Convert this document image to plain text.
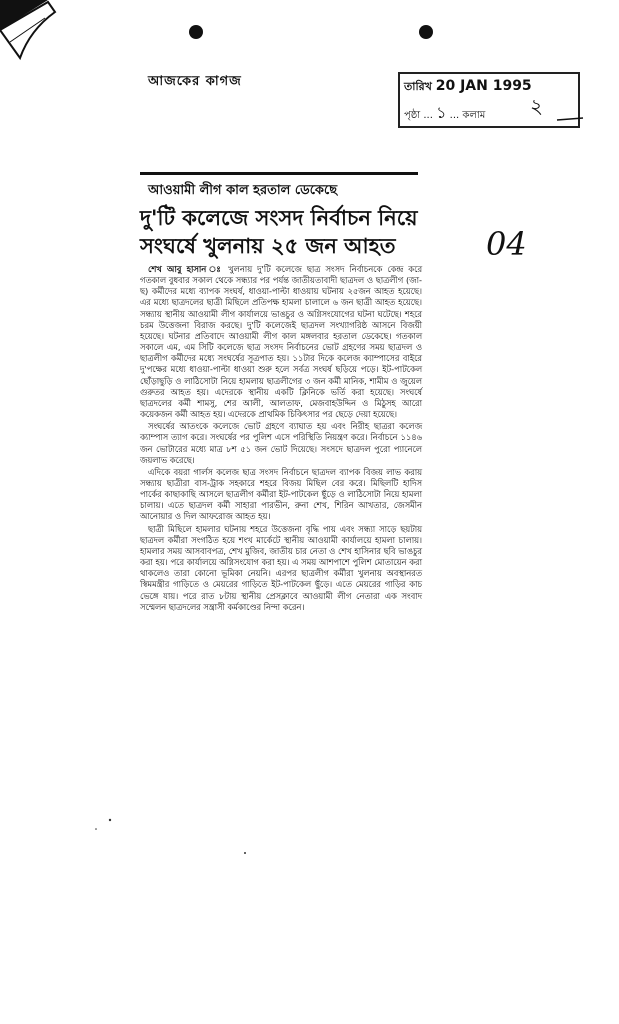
আজকের কাগজ	তারিখ 20 JAN 1995
পৃষ্ঠা ... ১ ... কলাম ২
04
আওয়ামী লীগ কাল হরতাল ডেকেছে
দু'টি কলেজে সংসদ নির্বাচন নিয়ে সংঘর্ষে খুলনায় ২৫ জন আহত

শেখ আবু হাসান ঃ খুলনায় দু'টি কলেজে ছাত্র সংসদ নির্বাচনকে কেন্দ্র করে গতকাল বুধবার সকাল থেকে সন্ধ্যার পর পর্যন্ত জাতীয়তাবাদী ছাত্রদল ও ছাত্রলীগ (জা-ছ) কর্মীদের মধ্যে ব্যাপক সংঘর্ষ, ধাওয়া-পাল্টা ধাওয়ায় ঘটনায় ২৫জন আহত হয়েছে। এর মধ্যে ছাত্রদলের ছাত্রী মিছিলে প্রতিপক্ষ হামলা চালালে ৬ জন ছাত্রী আহত হয়েছে। সন্ধ্যায় স্থানীয় আওয়ামী লীগ কার্যালয়ে ভাঙচুর ও অগ্নিসংযোগের ঘটনা ঘটেছে। শহরে চরম উত্তেজনা বিরাজ করছে। দু'টি কলেজেই ছাত্রদল সংখ্যাগরিষ্ঠ আসনে বিজয়ী হয়েছে। ঘটনার প্রতিবাদে আওয়ামী লীগ কাল মঙ্গলবার হরতাল ডেকেছে। গতকাল সকালে এম, এম সিটি কলেজে ছাত্র সংসদ নির্বাচনের ভোট গ্রহণের সময় ছাত্রদল ও ছাত্রলীগ কর্মীদের মধ্যে সংঘর্ষের সূত্রপাত হয়। ১১টার দিকে কলেজ ক্যাম্পাসের বাইরে দু'পক্ষের মধ্যে ধাওয়া-পাল্টা ধাওয়া শুরু হলে সর্বত্র সংঘর্ষ ছড়িয়ে পড়ে। ইট-পাটকেল ছোঁড়াছুড়ি ও লাঠিসোটা নিয়ে হামলায় ছাত্রলীগের ৩ জন কর্মী মানিক, শামীম ও জুয়েল গুরুতর আহত হয়। এদেরকে স্থানীয় একটি ক্লিনিকে ভর্তি করা হয়েছে। সংঘর্ষে ছাত্রদলের কর্মী শামসু, শের আলী, আলতাফ, মেজবাহউদ্দিন ও মিঠুসহ আরো কয়েকজন কর্মী আহত হয়। এদেরকে প্রাথমিক চিকিৎসার পর ছেড়ে দেয়া হয়েছে।

সংঘর্ষের আতংকে কলেজে ভোট গ্রহণে ব্যাঘাত হয় এবং নিরীহ ছাত্ররা কলেজ ক্যাম্পাস ত্যাগ করে। সংঘর্ষের পর পুলিশ এসে পরিস্থিতি নিয়ন্ত্রণ করে। নির্বাচনে ১১৪৬ জন ভোটারের মধ্যে মাত্র ৮শ ৫১ জন ভোট দিয়েছে। সংসদে ছাত্রদল পুরো প্যানেলে জয়লাভ করেছে।

এদিকে বয়রা গার্লস কলেজ ছাত্র সংসদ নির্বাচনে ছাত্রদল ব্যাপক বিজয় লাভ করায় সন্ধ্যায় ছাত্রীরা বাস-ট্রাক সহকারে শহরে বিজয় মিছিল বের করে। মিছিলটি হাদিস পার্কের কাছাকাছি আসলে ছাত্রলীগ কর্মীরা ইট-পাটকেল ছুঁড়ে ও লাঠিসোটা নিয়ে হামলা চালায়। এতে ছাত্রদল কর্মী সাহারা পারভীন, রুনা শেখ, শিরিন আখতার, জেসমীন আনোয়ার ও দিল আফরোজ আহত হয়।

ছাত্রী মিছিলে হামলার ঘটনায় শহরে উত্তেজনা বৃদ্ধি পায় এবং সন্ধ্যা সাড়ে ছয়টায় ছাত্রদল কর্মীরা সংগঠিত হয়ে শংখ মার্কেটে স্থানীয় আওয়ামী কার্যালয়ে হামলা চালায়। হামলার সময় আসবাবপত্র, শেখ মুজিব, জাতীয় চার নেতা ও শেখ হাসিনার ছবি ভাঙচুর করা হয়। পরে কার্যালয়ে অগ্নিসংযোগ করা হয়। এ সময় আশপাশে পুলিশ মোতায়েন করা থাকলেও তারা কোনো ভূমিকা নেয়নি। এরপর ছাত্রলীগ কর্মীরা খুলনায় অবস্থানরত স্বিমমন্ত্রীর গাড়িতে ও মেয়রের গাড়িতে ইট-পাটকেল ছুঁড়ে। এতে মেয়রের গাড়ির কাচ ভেঙ্গে যায়। পরে রাত ৮টায় স্থানীয় প্রেসক্লাবে আওয়ামী লীগ নেতারা এক সংবাদ সম্মেলন ছাত্রদলের সন্ত্রাসী কর্মকাণ্ডের নিন্দা করেন।
